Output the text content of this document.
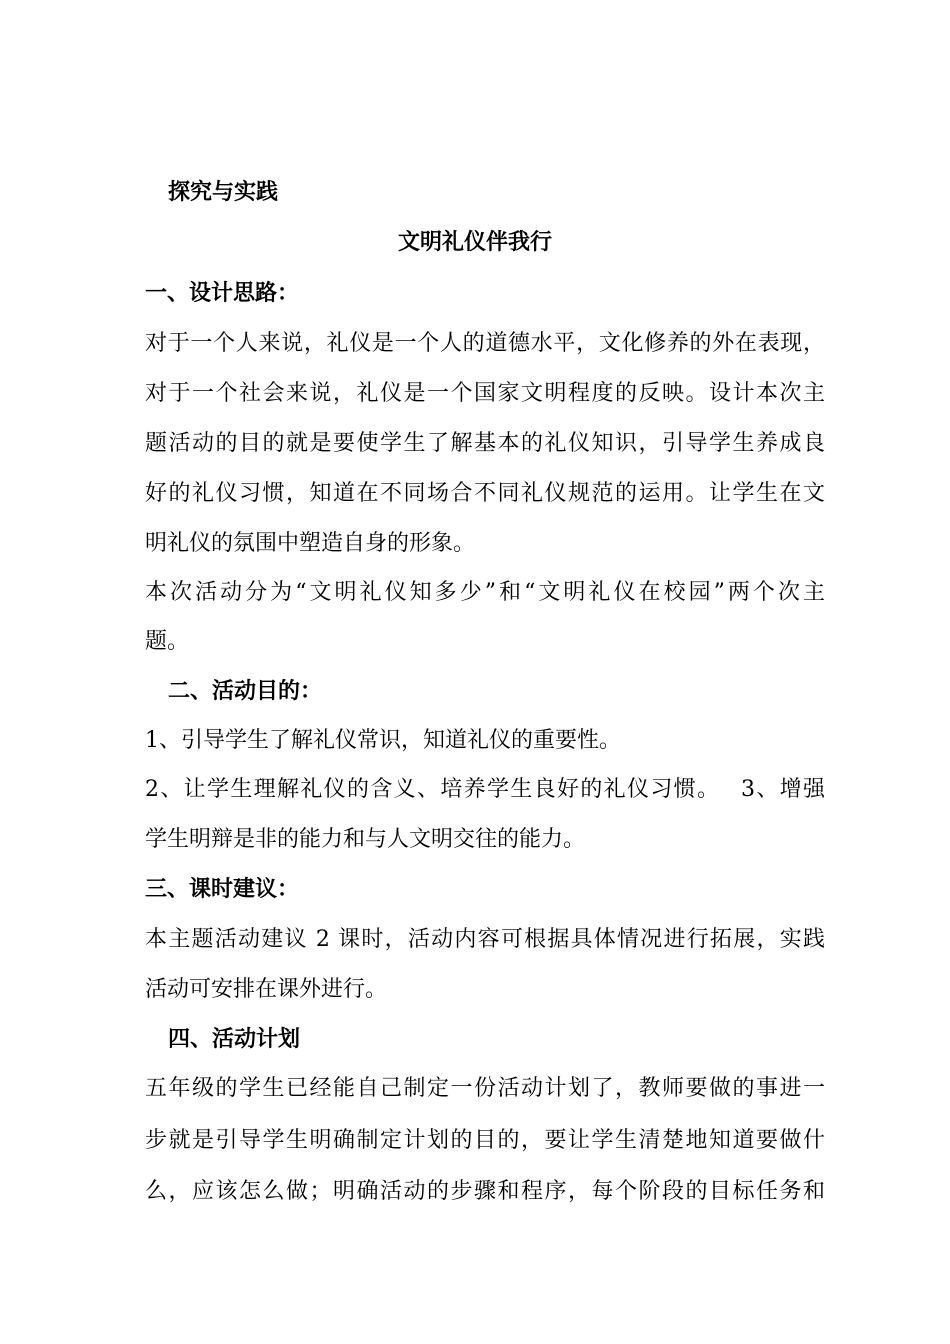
探究与实践
文明礼仪伴我行
一、设计思路：
对于一个人来说，礼仪是一个人的道德水平，文化修养的外在表现，
对于一个社会来说，礼仪是一个国家文明程度的反映。设计本次主
题活动的目的就是要使学生了解基本的礼仪知识，引导学生养成良
好的礼仪习惯，知道在不同场合不同礼仪规范的运用。让学生在文
明礼仪的氛围中塑造自身的形象。
本次活动分为“文明礼仪知多少”和“文明礼仪在校园”两个次主
题。
二、活动目的：
1、引导学生了解礼仪常识，知道礼仪的重要性。
2、让学生理解礼仪的含义、培养学生良好的礼仪习惯。　 3、增强
学生明辩是非的能力和与人文明交往的能力。
三、课时建议：
本主题活动建议 2 课时，活动内容可根据具体情况进行拓展，实践
活动可安排在课外进行。
四、活动计划
五年级的学生已经能自己制定一份活动计划了，教师要做的事进一
步就是引导学生明确制定计划的目的，要让学生清楚地知道要做什
么，应该怎么做；明确活动的步骤和程序，每个阶段的目标任务和
